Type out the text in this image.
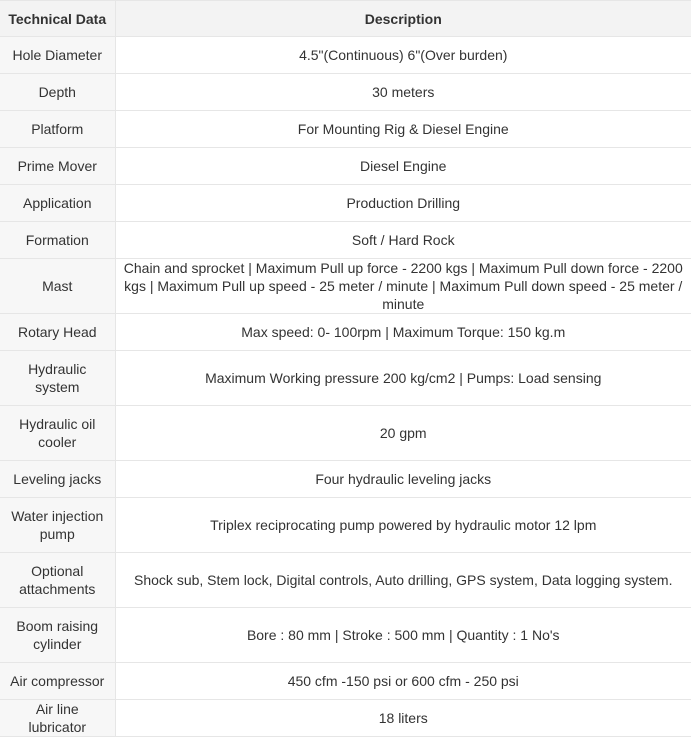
Technical Data	Description
Hole Diameter	4.5"(Continuous) 6"(Over burden)
Depth	30 meters
Platform	For Mounting Rig & Diesel Engine
Prime Mover	Diesel Engine
Application	Production Drilling
Formation	Soft / Hard Rock
Mast	Chain and sprocket | Maximum Pull up force - 2200 kgs | Maximum Pull down force - 2200 kgs | Maximum Pull up speed - 25 meter / minute | Maximum Pull down speed - 25 meter / minute
Rotary Head	Max speed: 0- 100rpm | Maximum Torque: 150 kg.m
Hydraulic system	Maximum Working pressure 200 kg/cm2 | Pumps: Load sensing
Hydraulic oil cooler	20 gpm
Leveling jacks	Four hydraulic leveling jacks
Water injection pump	Triplex reciprocating pump powered by hydraulic motor 12 lpm
Optional attachments	Shock sub, Stem lock, Digital controls, Auto drilling, GPS system, Data logging system.
Boom raising cylinder	Bore : 80 mm | Stroke : 500 mm | Quantity : 1 No's
Air compressor	450 cfm -150 psi or 600 cfm - 250 psi
Air line lubricator	18 liters
